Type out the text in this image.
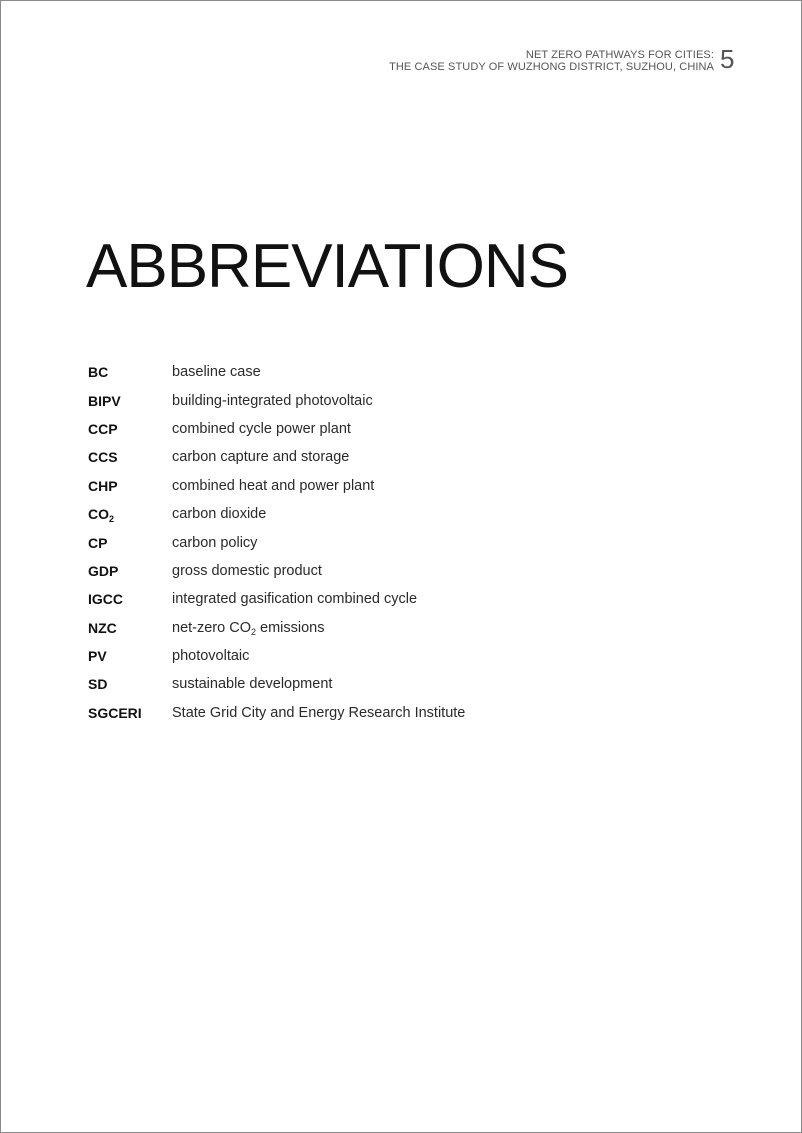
NET ZERO PATHWAYS FOR CITIES:
THE CASE STUDY OF WUZHONG DISTRICT, SUZHOU, CHINA 5
ABBREVIATIONS
BC	baseline case
BIPV	building-integrated photovoltaic
CCP	combined cycle power plant
CCS	carbon capture and storage
CHP	combined heat and power plant
$CO_2$	carbon dioxide
CP	carbon policy
GDP	gross domestic product
IGCC	integrated gasification combined cycle
NZC	net-zero $CO_2$ emissions
PV	photovoltaic
SD	sustainable development
SGCERI	State Grid City and Energy Research Institute
